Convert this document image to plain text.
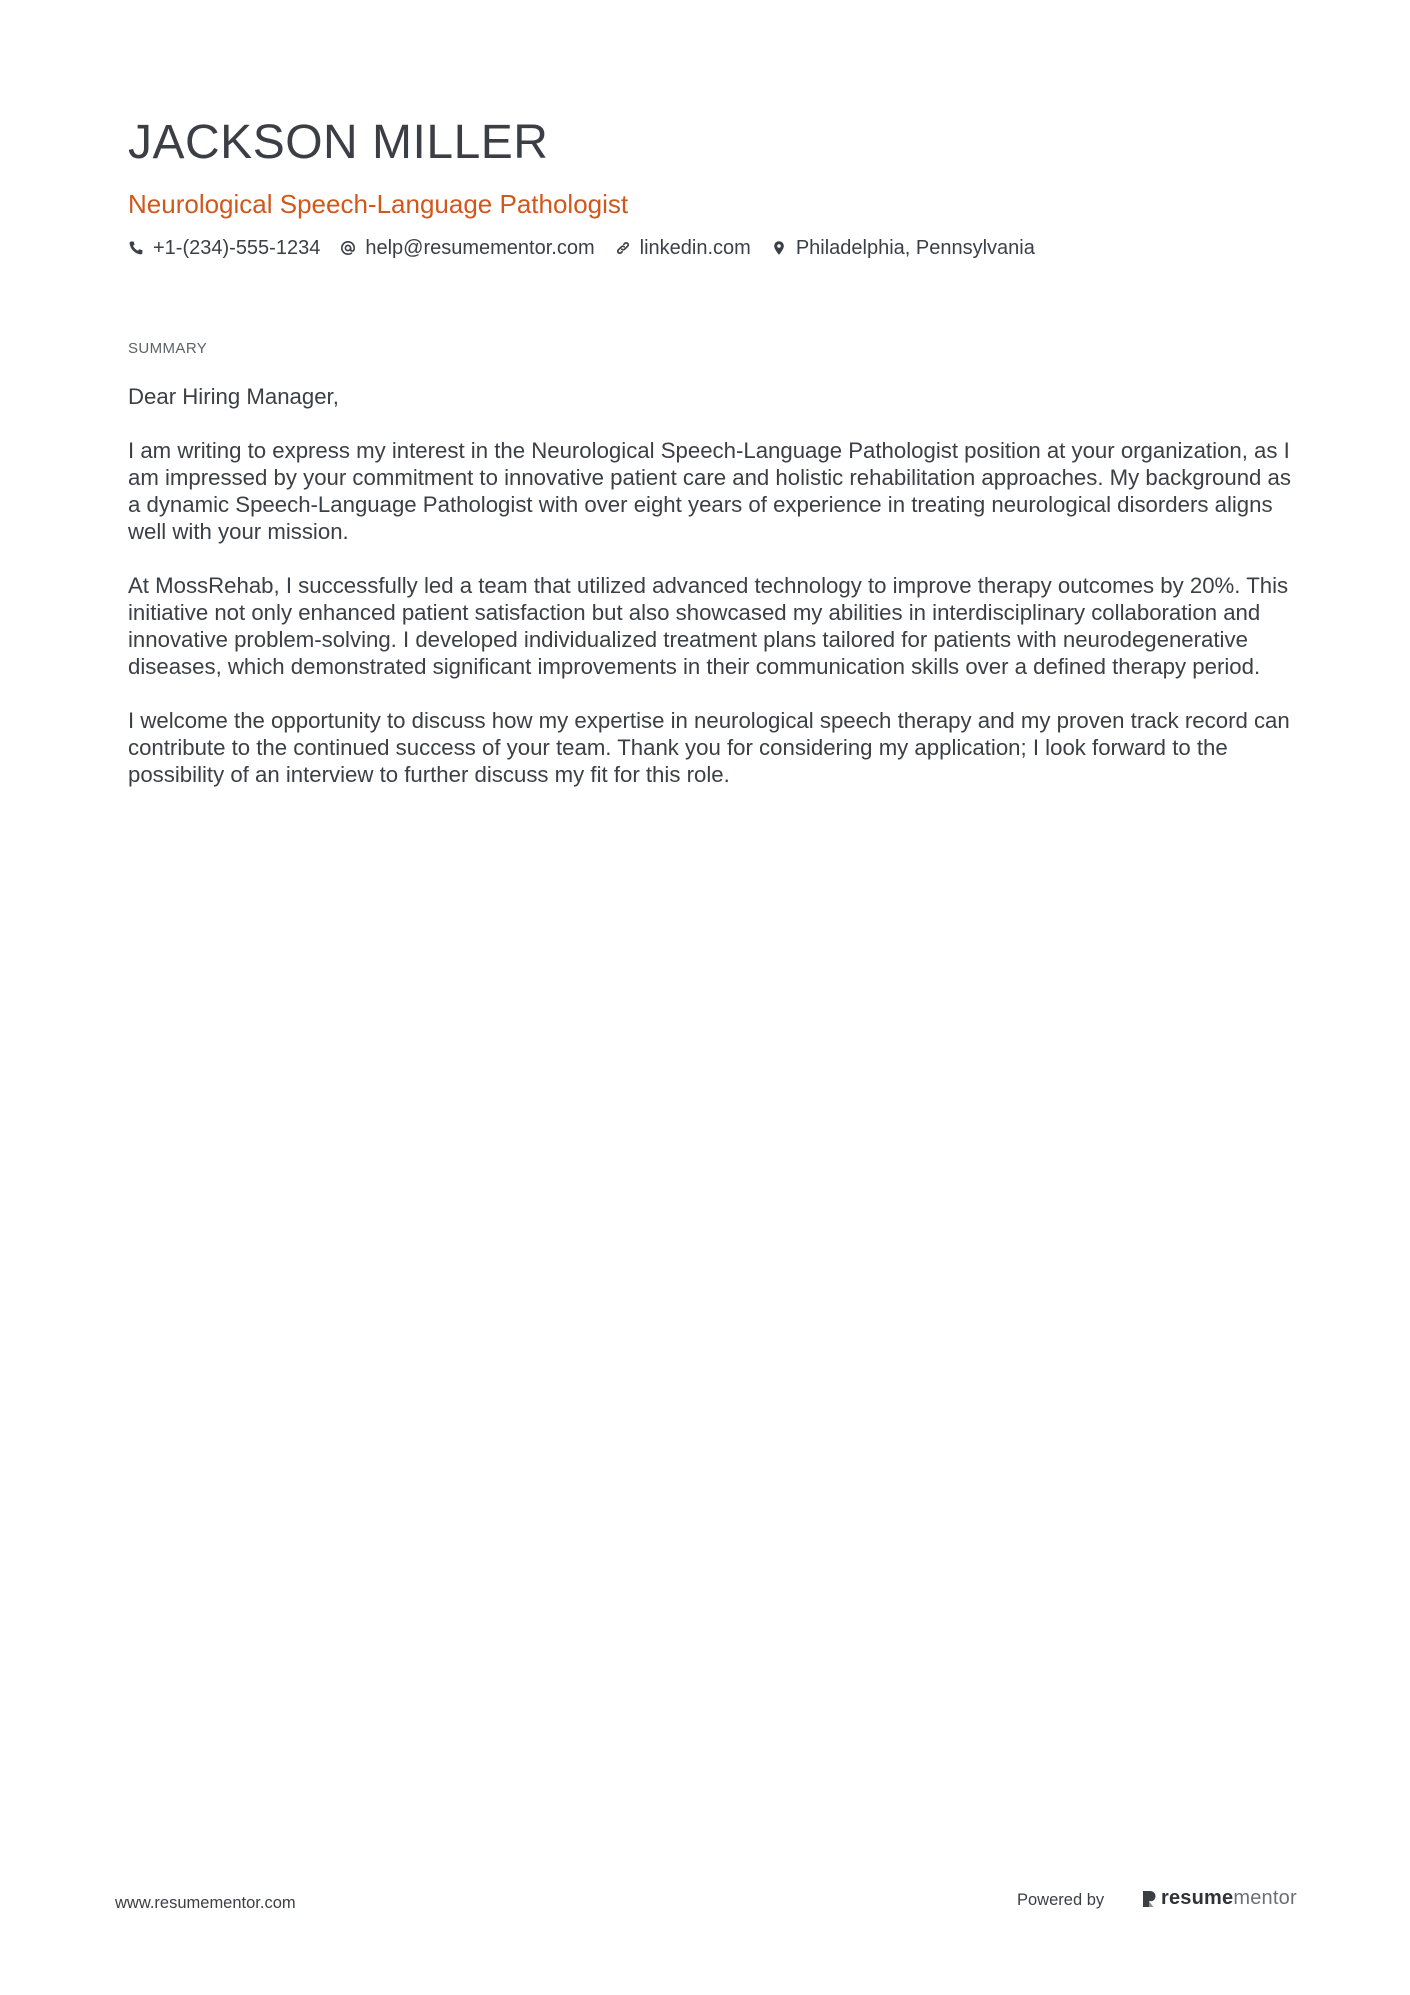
JACKSON MILLER
Neurological Speech-Language Pathologist
+1-(234)-555-1234 help@resumementor.com linkedin.com Philadelphia, Pennsylvania
SUMMARY

Dear Hiring Manager,

I am writing to express my interest in the Neurological Speech-Language Pathologist position at your organization, as I am impressed by your commitment to innovative patient care and holistic rehabilitation approaches. My background as a dynamic Speech-Language Pathologist with over eight years of experience in treating neurological disorders aligns well with your mission.

At MossRehab, I successfully led a team that utilized advanced technology to improve therapy outcomes by 20%. This initiative not only enhanced patient satisfaction but also showcased my abilities in interdisciplinary collaboration and innovative problem-solving. I developed individualized treatment plans tailored for patients with neurodegenerative diseases, which demonstrated significant improvements in their communication skills over a defined therapy period.

I welcome the opportunity to discuss how my expertise in neurological speech therapy and my proven track record can contribute to the continued success of your team. Thank you for considering my application; I look forward to the possibility of an interview to further discuss my fit for this role.

www.resumementor.com	Powered by	resume mentor
